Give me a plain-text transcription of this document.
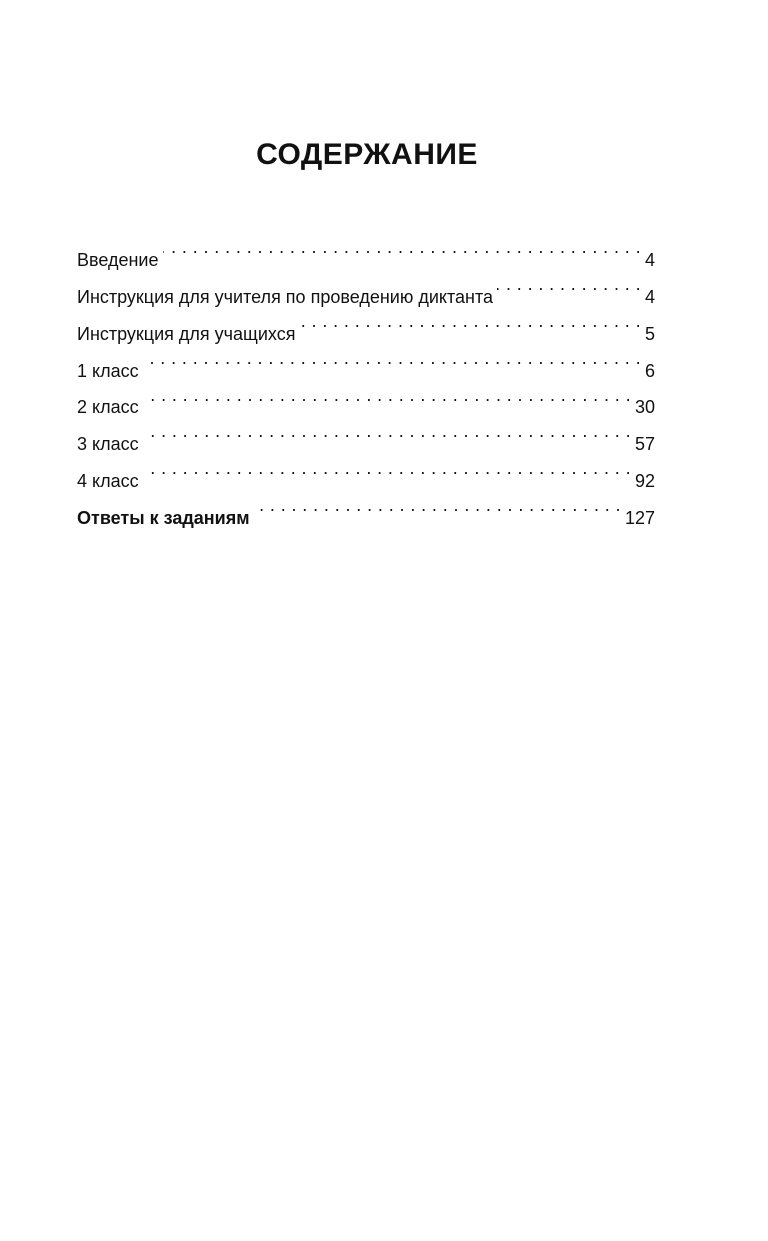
СОДЕРЖАНИЕ
Введение . . .	4
Инструкция для учителя по проведению диктанта . . .	4
Инструкция для учащихся . . .	5
1 класс . . .	6
2 класс . . .	30
3 класс . . .	57
4 класс . . .	92
Ответы к заданиям . . .	127
